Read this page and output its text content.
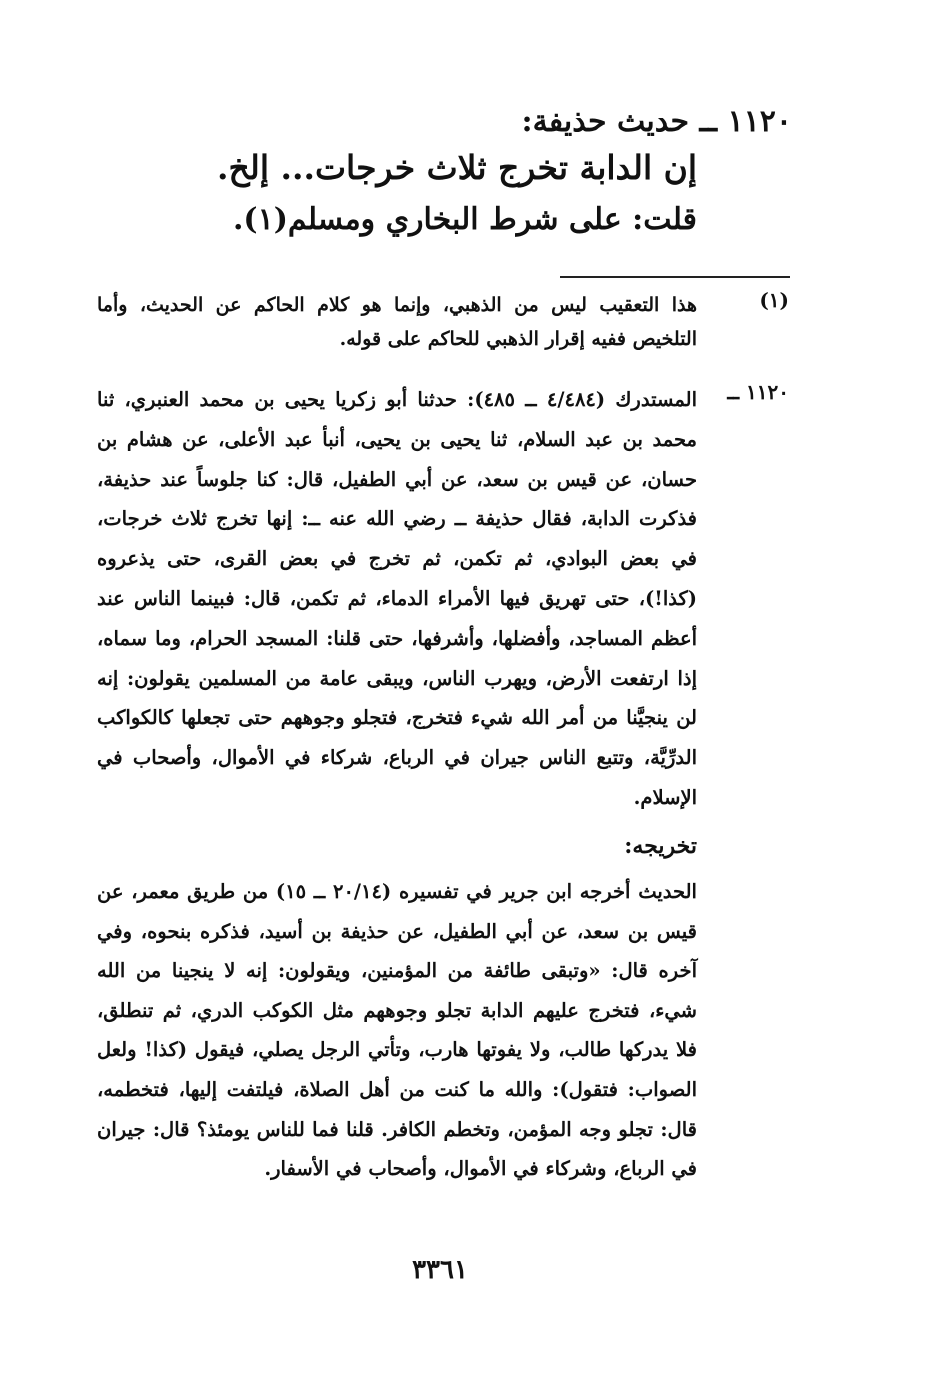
١١٢٠ ــ حديث حذيفة:
إن الدابة تخرج ثلاث خرجات... إلخ.
قلت: على شرط البخاري ومسلم(١).
(١)
هذا التعقيب ليس من الذهبي، وإنما هو كلام الحاكم عن الحديث، وأما التلخيص ففيه إقرار الذهبي للحاكم على قوله.
١١٢٠ ــ
المستدرك (٤/٤٨٤ ــ ٤٨٥): حدثنا أبو زكريا يحيى بن محمد العنبري، ثنا محمد بن عبد السلام، ثنا يحيى بن يحيى، أنبأ عبد الأعلى، عن هشام بن حسان، عن قيس بن سعد، عن أبي الطفيل، قال: كنا جلوساً عند حذيفة، فذكرت الدابة، فقال حذيفة ــ رضي الله عنه ــ: إنها تخرج ثلاث خرجات، في بعض البوادي، ثم تكمن، ثم تخرج في بعض القرى، حتى يذعروه (كذا!)، حتى تهريق فيها الأمراء الدماء، ثم تكمن، قال: فبينما الناس عند أعظم المساجد، وأفضلها، وأشرفها، حتى قلنا: المسجد الحرام، وما سماه، إذا ارتفعت الأرض، ويهرب الناس، ويبقى عامة من المسلمين يقولون: إنه لن ينجيَّنا من أمر الله شيء فتخرج، فتجلو وجوههم حتى تجعلها كالكواكب الدرِّيَّة، وتتبع الناس جيران في الرباع، شركاء في الأموال، وأصحاب في الإسلام.
تخريجه:
الحديث أخرجه ابن جرير في تفسيره (٢٠/١٤ ــ ١٥) من طريق معمر، عن قيس بن سعد، عن أبي الطفيل، عن حذيفة بن أسيد، فذكره بنحوه، وفي آخره قال: «وتبقى طائفة من المؤمنين، ويقولون: إنه لا ينجينا من الله شيء، فتخرج عليهم الدابة تجلو وجوههم مثل الكوكب الدري، ثم تنطلق، فلا يدركها طالب، ولا يفوتها هارب، وتأتي الرجل يصلي، فيقول (كذا! ولعل الصواب: فتقول): والله ما كنت من أهل الصلاة، فيلتفت إليها، فتخطمه، قال: تجلو وجه المؤمن، وتخطم الكافر. قلنا فما للناس يومئذ؟ قال: جيران في الرباع، وشركاء في الأموال، وأصحاب في الأسفار.
٣٣٦١
